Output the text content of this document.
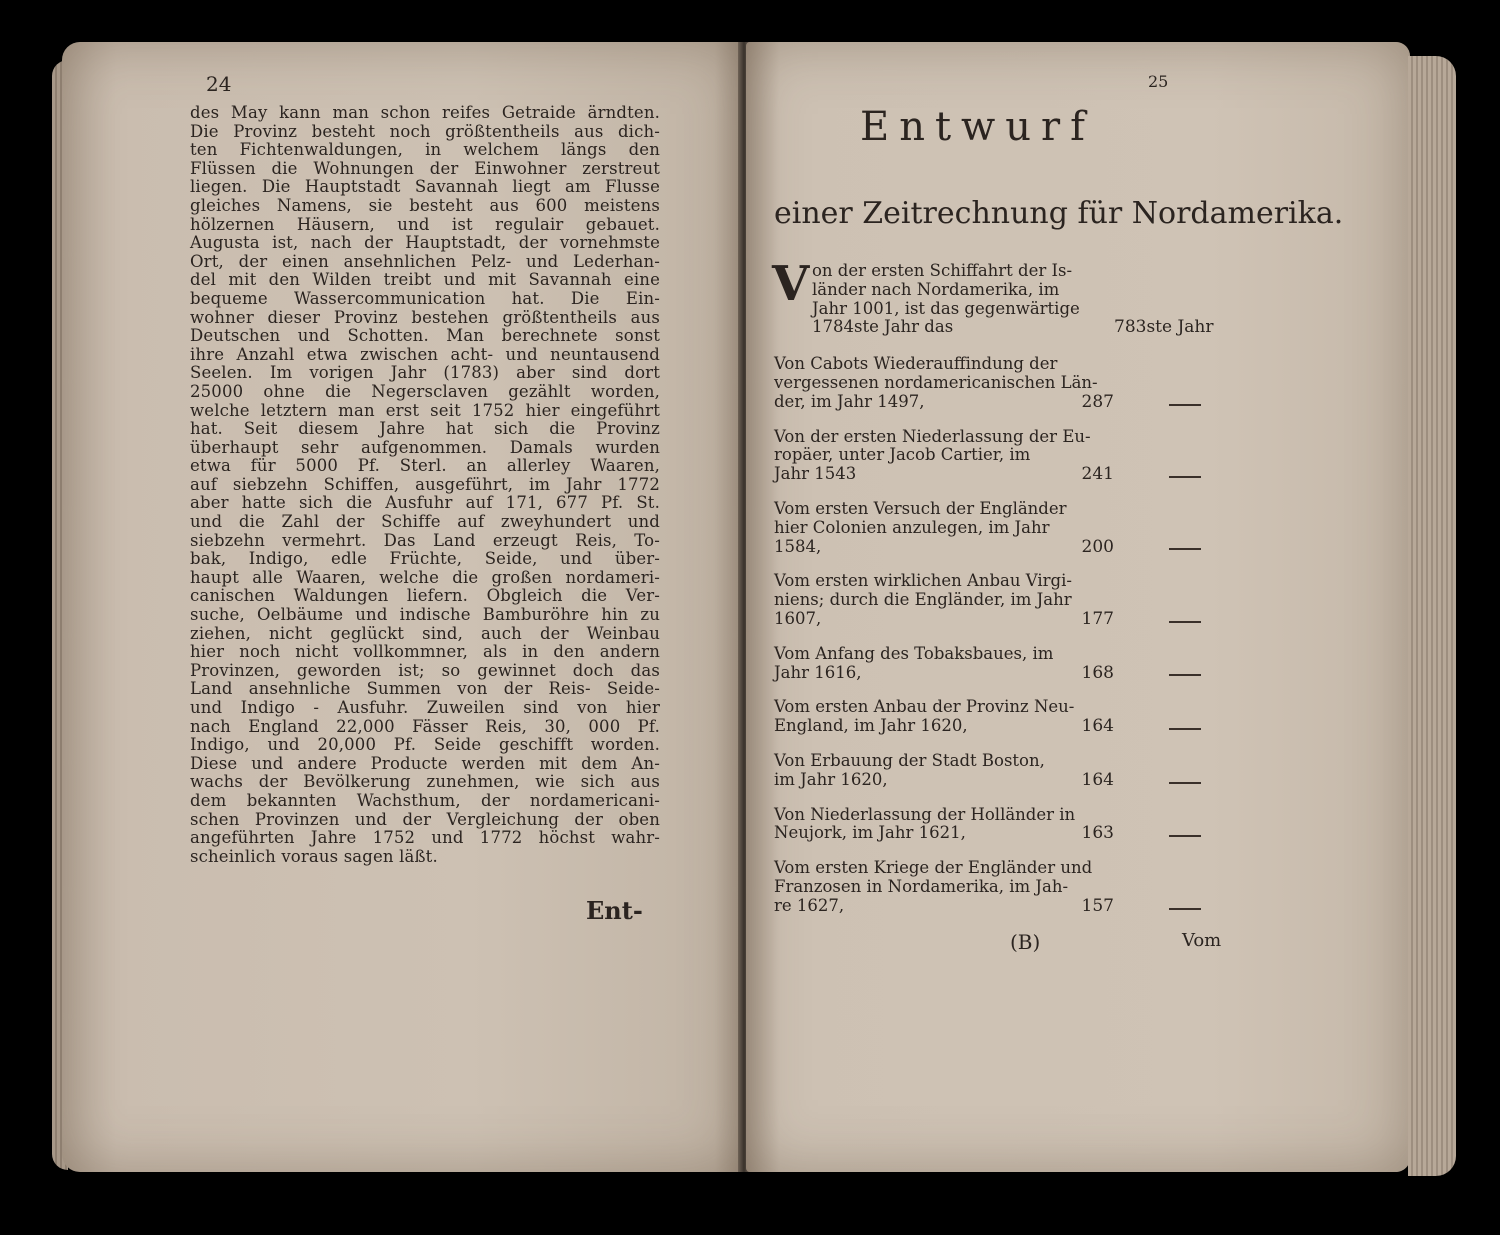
24
des May kann man schon reifes Getraide ärndten.
Die Provinz besteht noch größtentheils aus dich-
ten Fichtenwaldungen, in welchem längs den
Flüssen die Wohnungen der Einwohner zerstreut
liegen. Die Hauptstadt Savannah liegt am Flusse
gleiches Namens, sie besteht aus 600 meistens
hölzernen Häusern, und ist regulair gebauet.
Augusta ist, nach der Hauptstadt, der vornehmste
Ort, der einen ansehnlichen Pelz- und Lederhan-
del mit den Wilden treibt und mit Savannah eine
bequeme Wassercommunication hat. Die Ein-
wohner dieser Provinz bestehen größtentheils aus
Deutschen und Schotten. Man berechnete sonst
ihre Anzahl etwa zwischen acht- und neuntausend
Seelen. Im vorigen Jahr (1783) aber sind dort
25000 ohne die Negersclaven gezählt worden,
welche letztern man erst seit 1752 hier eingeführt
hat. Seit diesem Jahre hat sich die Provinz
überhaupt sehr aufgenommen. Damals wurden
etwa für 5000 Pf. Sterl. an allerley Waaren,
auf siebzehn Schiffen, ausgeführt, im Jahr 1772
aber hatte sich die Ausfuhr auf 171, 677 Pf. St.
und die Zahl der Schiffe auf zweyhundert und
siebzehn vermehrt. Das Land erzeugt Reis, To-
bak, Indigo, edle Früchte, Seide, und über-
haupt alle Waaren, welche die großen nordameri-
canischen Waldungen liefern. Obgleich die Ver-
suche, Oelbäume und indische Bamburöhre hin zu
ziehen, nicht geglückt sind, auch der Weinbau
hier noch nicht vollkommner, als in den andern
Provinzen, geworden ist; so gewinnet doch das
Land ansehnliche Summen von der Reis- Seide-
und Indigo - Ausfuhr. Zuweilen sind von hier
nach England 22,000 Fässer Reis, 30, 000 Pf.
Indigo, und 20,000 Pf. Seide geschifft worden.
Diese und andere Producte werden mit dem An-
wachs der Bevölkerung zunehmen, wie sich aus
dem bekannten Wachsthum, der nordamericani-
schen Provinzen und der Vergleichung der oben
angeführten Jahre 1752 und 1772 höchst wahr-
scheinlich voraus sagen läßt.
Ent-
25
Entwurf
einer Zeitrechnung für Nordamerika.
V on der ersten Schiffahrt der Is-
länder nach Nordamerika, im
Jahr 1001, ist das gegenwärtige
1784ste Jahr das	783ste Jahr
Von Cabots Wiederauffindung der
vergessenen nordamericanischen Län-
der, im Jahr 1497,	287
Von der ersten Niederlassung der Eu-
ropäer, unter Jacob Cartier, im
Jahr 1543	241
Vom ersten Versuch der Engländer
hier Colonien anzulegen, im Jahr
1584,	200
Vom ersten wirklichen Anbau Virgi-
niens; durch die Engländer, im Jahr
1607,	177
Vom Anfang des Tobaksbaues, im
Jahr 1616,	168
Vom ersten Anbau der Provinz Neu-
England, im Jahr 1620,	164
Von Erbauung der Stadt Boston,
im Jahr 1620,	164
Von Niederlassung der Holländer in
Neujork, im Jahr 1621,	163
Vom ersten Kriege der Engländer und
Franzosen in Nordamerika, im Jah-
re 1627,	157
(B)	Vom
